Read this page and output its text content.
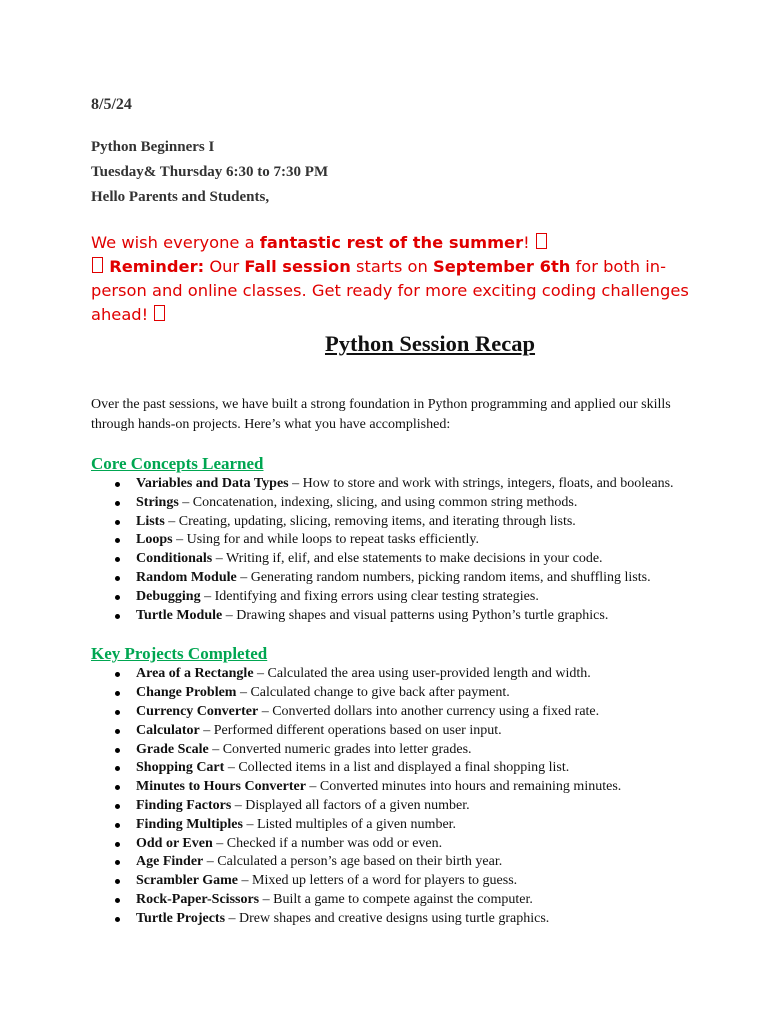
8/5/24

Python Beginners I

Tuesday& Thursday 6:30 to 7:30 PM

Hello Parents and Students,

We wish everyone a fantastic rest of the summer!
Reminder: Our Fall session starts on September 6th for both in-person and online classes. Get ready for more exciting coding challenges ahead!
Python Session Recap

Over the past sessions, we have built a strong foundation in Python programming and applied our skills through hands-on projects. Here’s what you have accomplished:

Core Concepts Learned
Variables and Data Types – How to store and work with strings, integers, floats, and booleans.
Strings – Concatenation, indexing, slicing, and using common string methods.
Lists – Creating, updating, slicing, removing items, and iterating through lists.
Loops – Using for and while loops to repeat tasks efficiently.
Conditionals – Writing if, elif, and else statements to make decisions in your code.
Random Module – Generating random numbers, picking random items, and shuffling lists.
Debugging – Identifying and fixing errors using clear testing strategies.
Turtle Module – Drawing shapes and visual patterns using Python’s turtle graphics.
Key Projects Completed
Area of a Rectangle – Calculated the area using user-provided length and width.
Change Problem – Calculated change to give back after payment.
Currency Converter – Converted dollars into another currency using a fixed rate.
Calculator – Performed different operations based on user input.
Grade Scale – Converted numeric grades into letter grades.
Shopping Cart – Collected items in a list and displayed a final shopping list.
Minutes to Hours Converter – Converted minutes into hours and remaining minutes.
Finding Factors – Displayed all factors of a given number.
Finding Multiples – Listed multiples of a given number.
Odd or Even – Checked if a number was odd or even.
Age Finder – Calculated a person’s age based on their birth year.
Scrambler Game – Mixed up letters of a word for players to guess.
Rock-Paper-Scissors – Built a game to compete against the computer.
Turtle Projects – Drew shapes and creative designs using turtle graphics.
